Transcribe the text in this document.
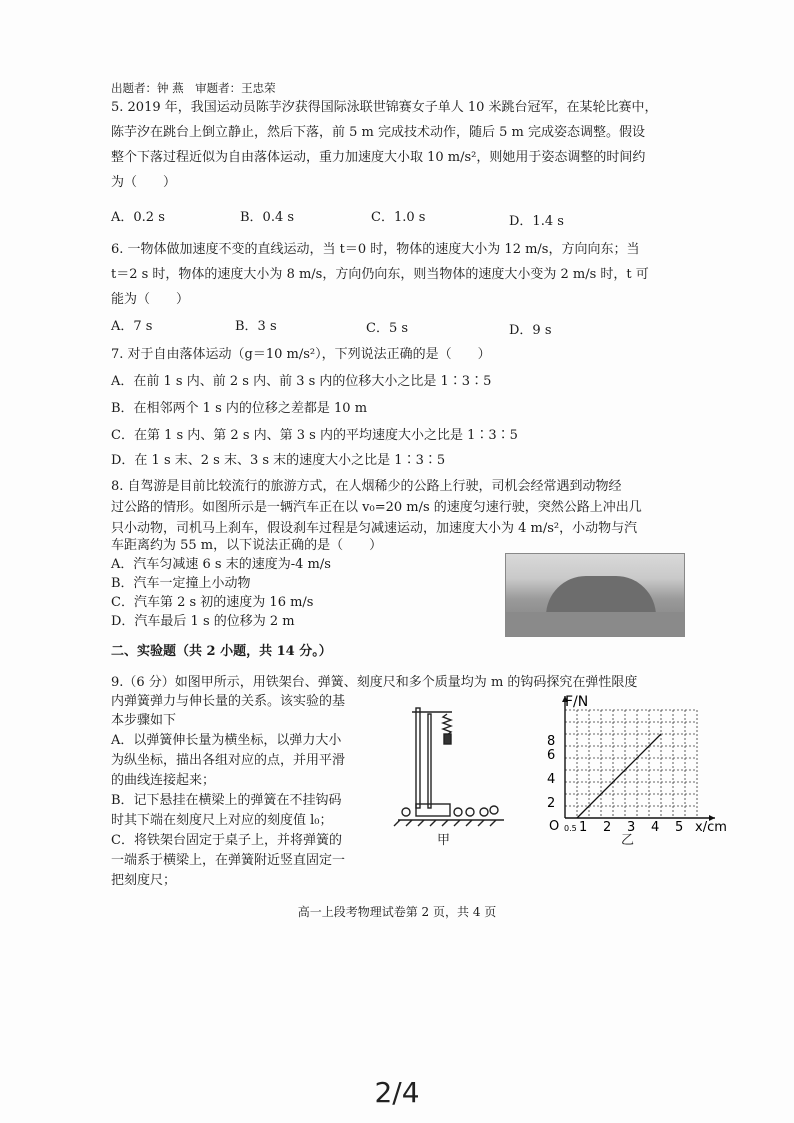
出题者：钟 燕　审题者：王忠荣
5. 2019 年，我国运动员陈芋汐获得国际泳联世锦赛女子单人 10 米跳台冠军，在某轮比赛中，
陈芋汐在跳台上倒立静止，然后下落，前 5 m 完成技术动作，随后 5 m 完成姿态调整。假设
整个下落过程近似为自由落体运动，重力加速度大小取 10 m/s²，则她用于姿态调整的时间约
为（　　）
A．0.2 s	B．0.4 s	C．1.0 s	D．1.4 s
6. 一物体做加速度不变的直线运动，当 t＝0 时，物体的速度大小为 12 m/s，方向向东；当
t＝2 s 时，物体的速度大小为 8 m/s，方向仍向东，则当物体的速度大小变为 2 m/s 时，t 可
能为（　　）
A．7 s	B．3 s	C．5 s	D．9 s
7. 对于自由落体运动（g＝10 m/s²），下列说法正确的是（　　）
A．在前 1 s 内、前 2 s 内、前 3 s 内的位移大小之比是 1∶3∶5
B．在相邻两个 1 s 内的位移之差都是 10 m
C．在第 1 s 内、第 2 s 内、第 3 s 内的平均速度大小之比是 1∶3∶5
D．在 1 s 末、2 s 末、3 s 末的速度大小之比是 1∶3∶5
8. 自驾游是目前比较流行的旅游方式，在人烟稀少的公路上行驶，司机会经常遇到动物经
过公路的情形。如图所示是一辆汽车正在以 v₀=20 m/s 的速度匀速行驶，突然公路上冲出几
只小动物，司机马上刹车，假设刹车过程是匀减速运动，加速度大小为 4 m/s²，小动物与汽
车距离约为 55 m，以下说法正确的是（　　）
A．汽车匀减速 6 s 末的速度为-4 m/s
B．汽车一定撞上小动物
C．汽车第 2 s 初的速度为 16 m/s
D．汽车最后 1 s 的位移为 2 m
二、实验题（共 2 小题，共 14 分。）
9.（6 分）如图甲所示，用铁架台、弹簧、刻度尺和多个质量均为 m 的钩码探究在弹性限度
内弹簧弹力与伸长量的关系。该实验的基
本步骤如下
A．以弹簧伸长量为横坐标，以弹力大小
为纵坐标，描出各组对应的点，并用平滑
的曲线连接起来；
B．记下悬挂在横梁上的弹簧在不挂钩码
时其下端在刻度尺上对应的刻度值 l₀；
C．将铁架台固定于桌子上，并将弹簧的
一端系于横梁上，在弹簧附近竖直固定一
把刻度尺；
甲
F/N
x/cm
O 0.5
2
4
6
8
1 2 3 4 5
乙
高一上段考物理试卷第 2 页，共 4 页
2/4
